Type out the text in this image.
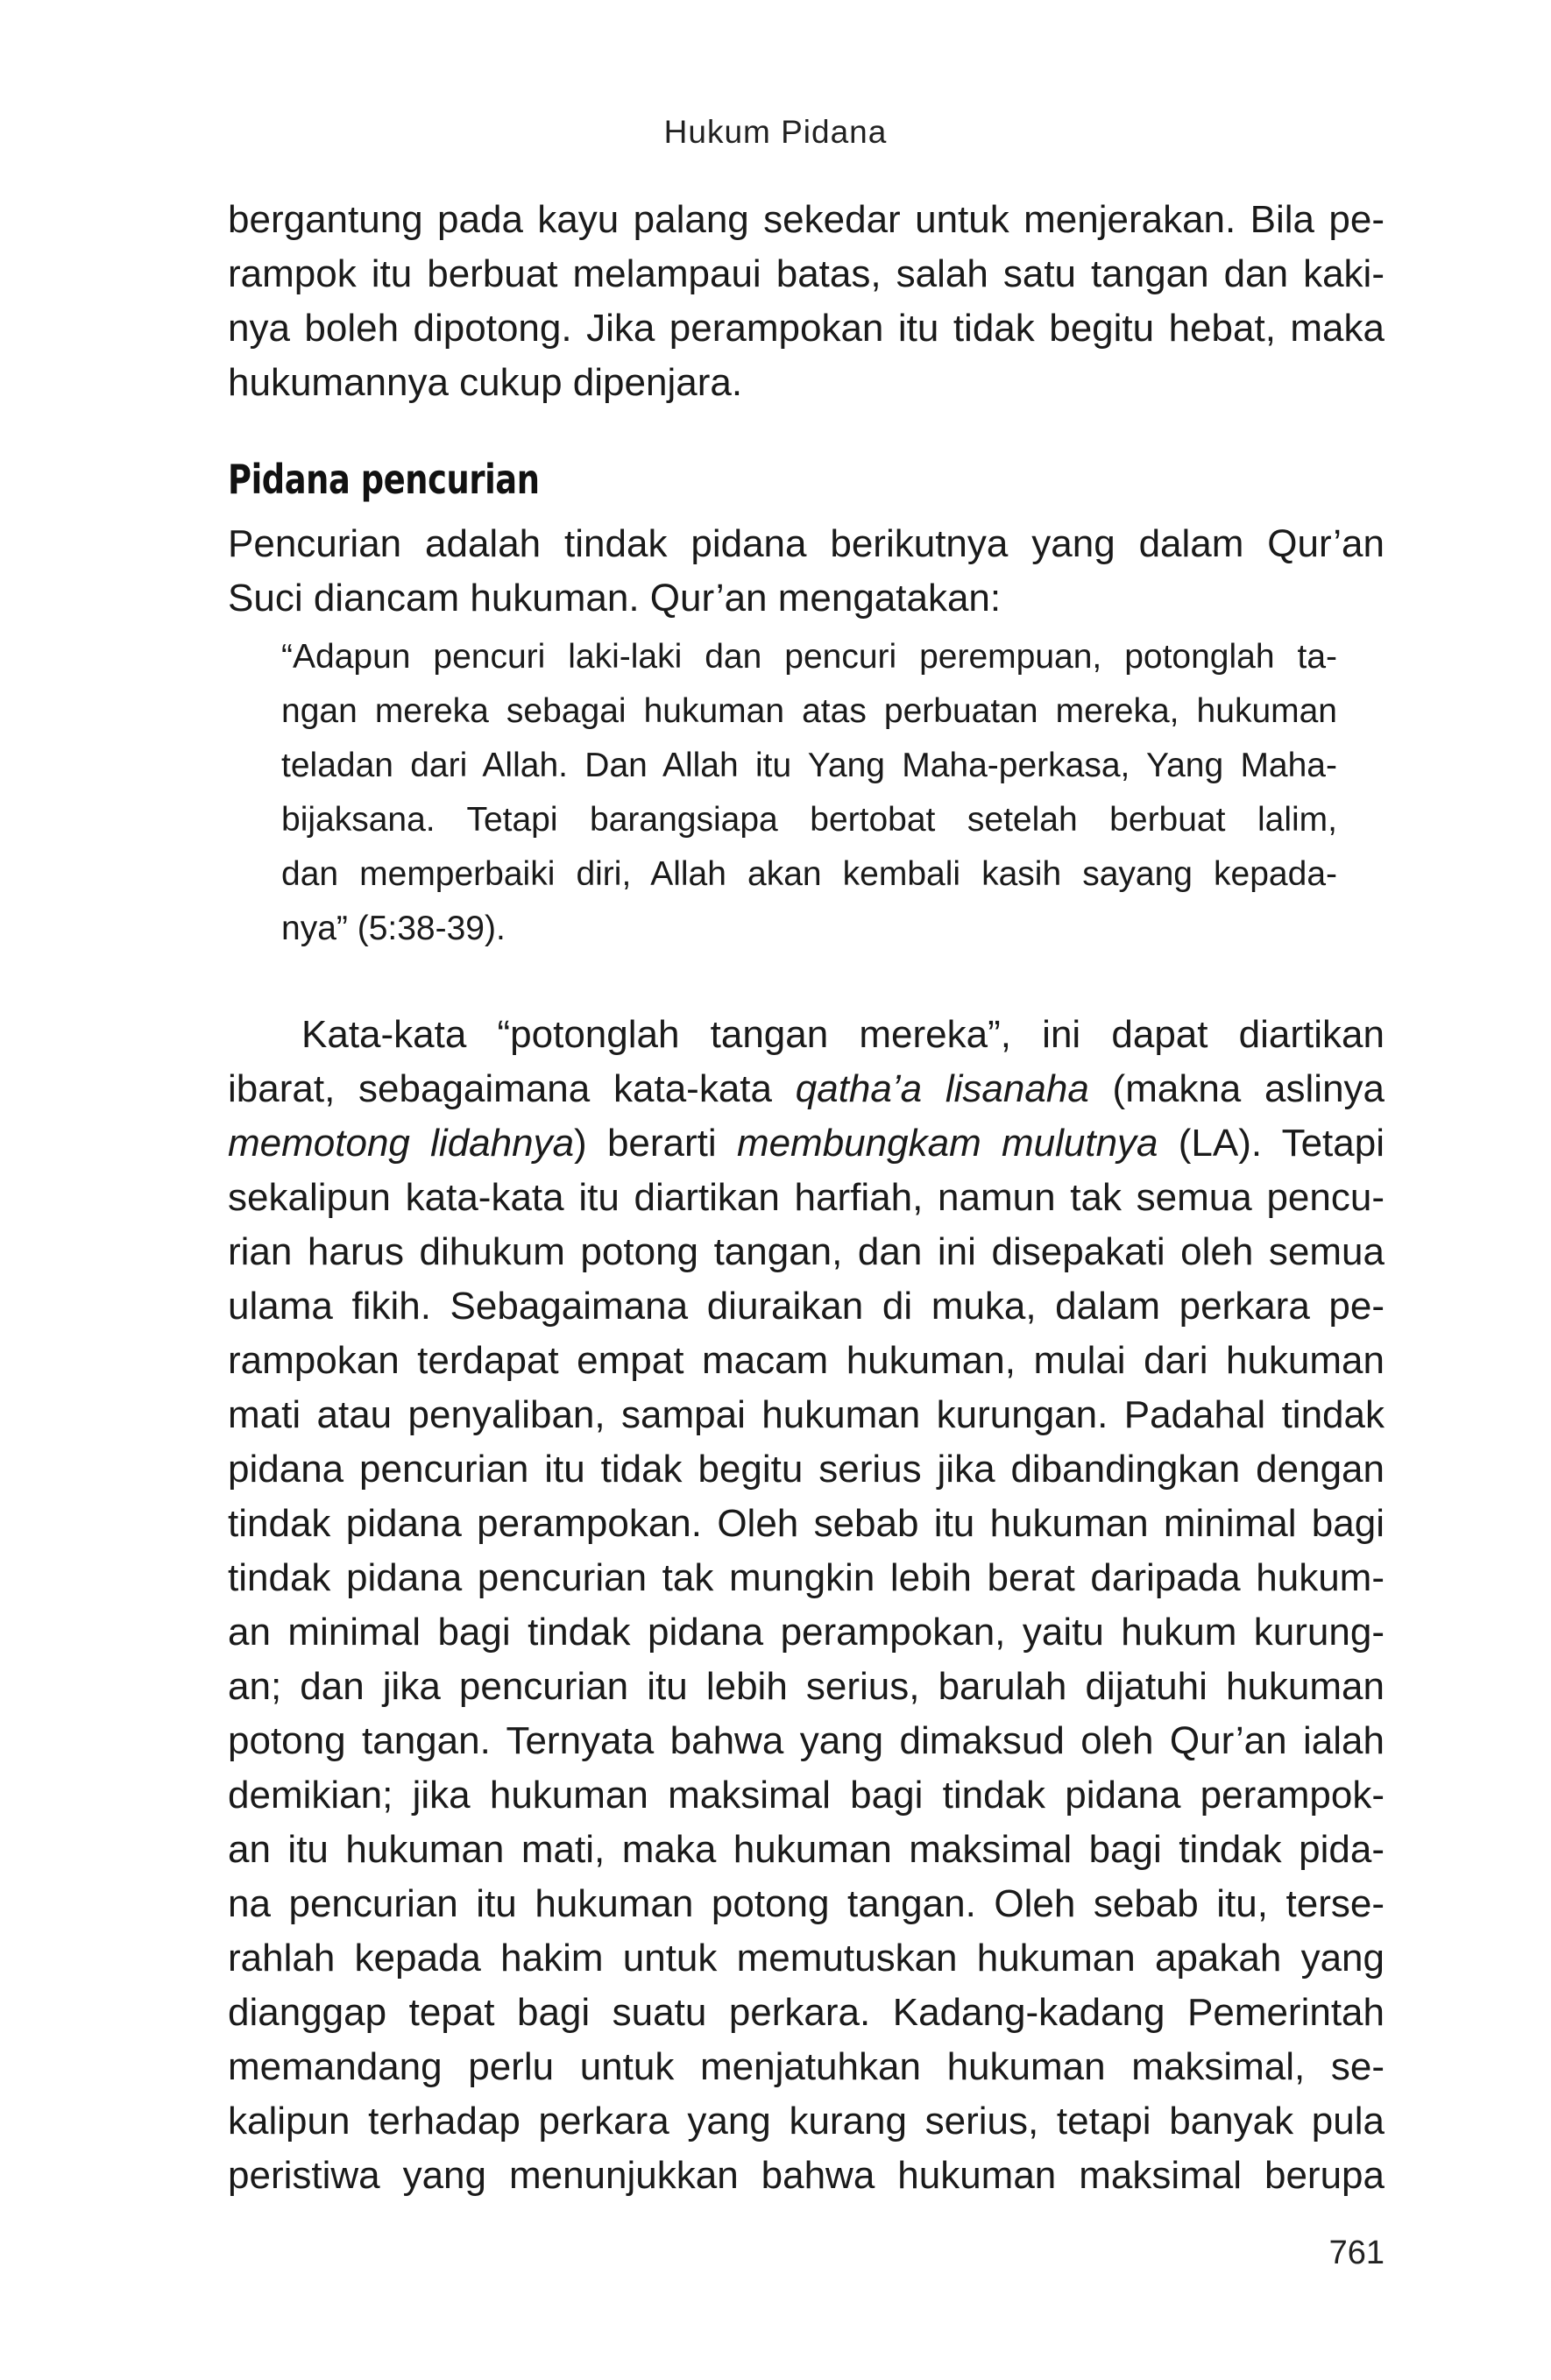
Hukum Pidana
bergantung pada kayu palang sekedar untuk menjerakan. Bila pe-
rampok itu berbuat melampaui batas, salah satu tangan dan kaki-
nya boleh dipotong. Jika perampokan itu tidak begitu hebat, maka
hukumannya cukup dipenjara.
Pidana pencurian
Pencurian adalah tindak pidana berikutnya yang dalam Qur’an
Suci diancam hukuman. Qur’an mengatakan:
“Adapun pencuri laki-laki dan pencuri perempuan, potonglah ta-
ngan mereka sebagai hukuman atas perbuatan mereka, hukuman
teladan dari Allah. Dan Allah itu Yang Maha-perkasa, Yang Maha-
bijaksana. Tetapi barangsiapa bertobat setelah berbuat lalim,
dan memperbaiki diri, Allah akan kembali kasih sayang kepada-
nya” (5:38-39).
Kata-kata “potonglah tangan mereka”, ini dapat diartikan
ibarat, sebagaimana kata-kata qatha’a lisanaha (makna aslinya
memotong lidahnya) berarti membungkam mulutnya (LA). Tetapi
sekalipun kata-kata itu diartikan harfiah, namun tak semua pencu-
rian harus dihukum potong tangan, dan ini disepakati oleh semua
ulama fikih. Sebagaimana diuraikan di muka, dalam perkara pe-
rampokan terdapat empat macam hukuman, mulai dari hukuman
mati atau penyaliban, sampai hukuman kurungan. Padahal tindak
pidana pencurian itu tidak begitu serius jika dibandingkan dengan
tindak pidana perampokan. Oleh sebab itu hukuman minimal bagi
tindak pidana pencurian tak mungkin lebih berat daripada hukum-
an minimal bagi tindak pidana perampokan, yaitu hukum kurung-
an; dan jika pencurian itu lebih serius, barulah dijatuhi hukuman
potong tangan. Ternyata bahwa yang dimaksud oleh Qur’an ialah
demikian; jika hukuman maksimal bagi tindak pidana perampok-
an itu hukuman mati, maka hukuman maksimal bagi tindak pida-
na pencurian itu hukuman potong tangan. Oleh sebab itu, terse-
rahlah kepada hakim untuk memutuskan hukuman apakah yang
dianggap tepat bagi suatu perkara. Kadang-kadang Pemerintah
memandang perlu untuk menjatuhkan hukuman maksimal, se-
kalipun terhadap perkara yang kurang serius, tetapi banyak pula
peristiwa yang menunjukkan bahwa hukuman maksimal berupa
761
